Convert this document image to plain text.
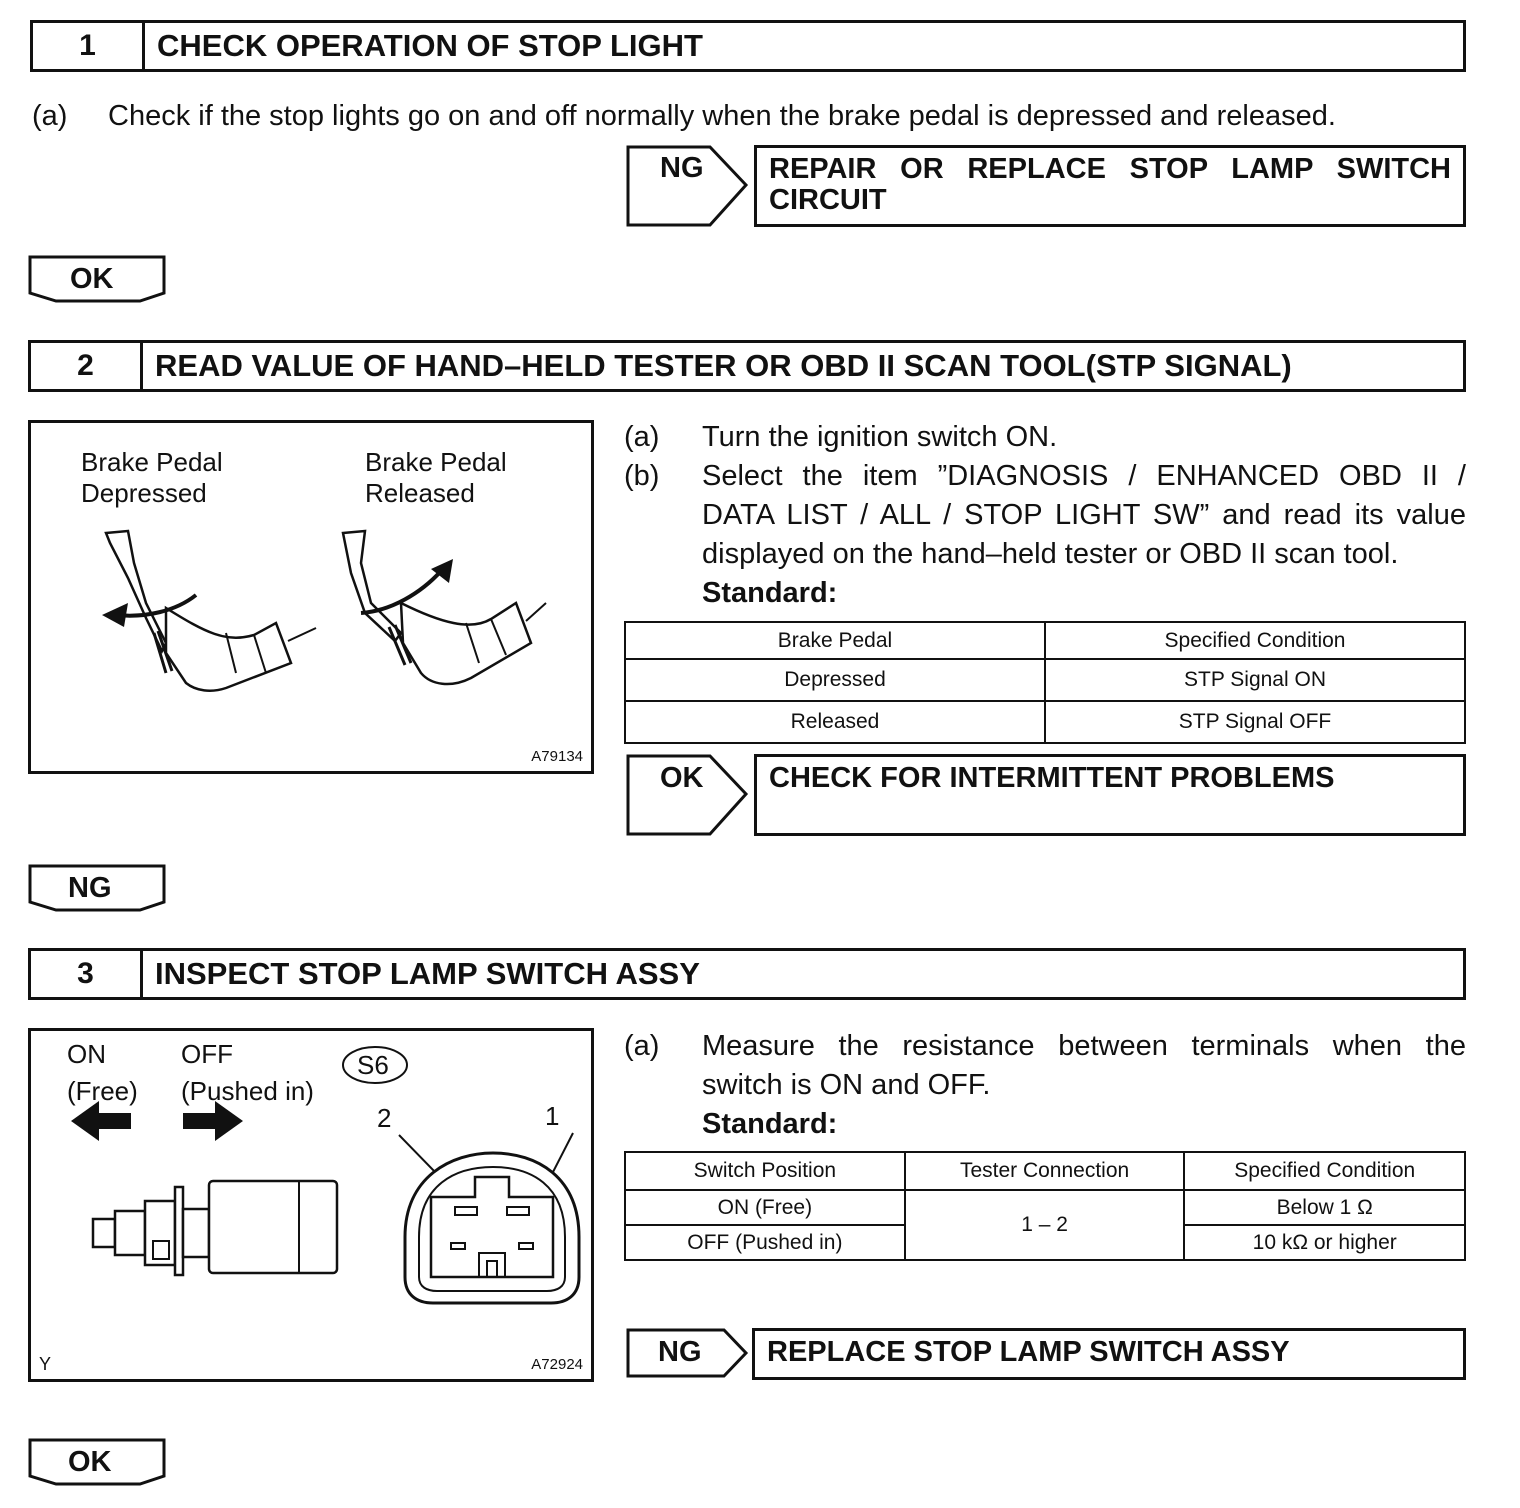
1	CHECK OPERATION OF STOP LIGHT
(a)	Check if the stop lights go on and off normally when the brake pedal is depressed and released.
NG REPAIR OR REPLACE STOP LAMP SWITCH
CIRCUIT
OK
2	READ VALUE OF HAND–HELD TESTER OR OBD II SCAN TOOL(STP SIGNAL)
Brake Pedal
Depressed
Brake Pedal
Released
A79134
(a)	Turn the ignition switch ON.
(b)	Select the item ”DIAGNOSIS / ENHANCED OBD II /
DATA LIST / ALL / STOP LIGHT SW” and read its value
displayed on the hand–held tester or OBD II scan tool.
Standard:
Brake Pedal	Specified Condition
Depressed	STP Signal ON
Released	STP Signal OFF
OK CHECK FOR INTERMITTENT PROBLEMS
NG
3	INSPECT STOP LAMP SWITCH ASSY
ON
(Free)
OFF
(Pushed in)
S6
2	1
Y	A72924
(a)	Measure the resistance between terminals when the
switch is ON and OFF.
Standard:
Switch Position	Tester Connection	Specified Condition
ON (Free)	1 – 2	Below 1 Ω
OFF (Pushed in)		10 kΩ or higher
NG REPLACE STOP LAMP SWITCH ASSY
OK
